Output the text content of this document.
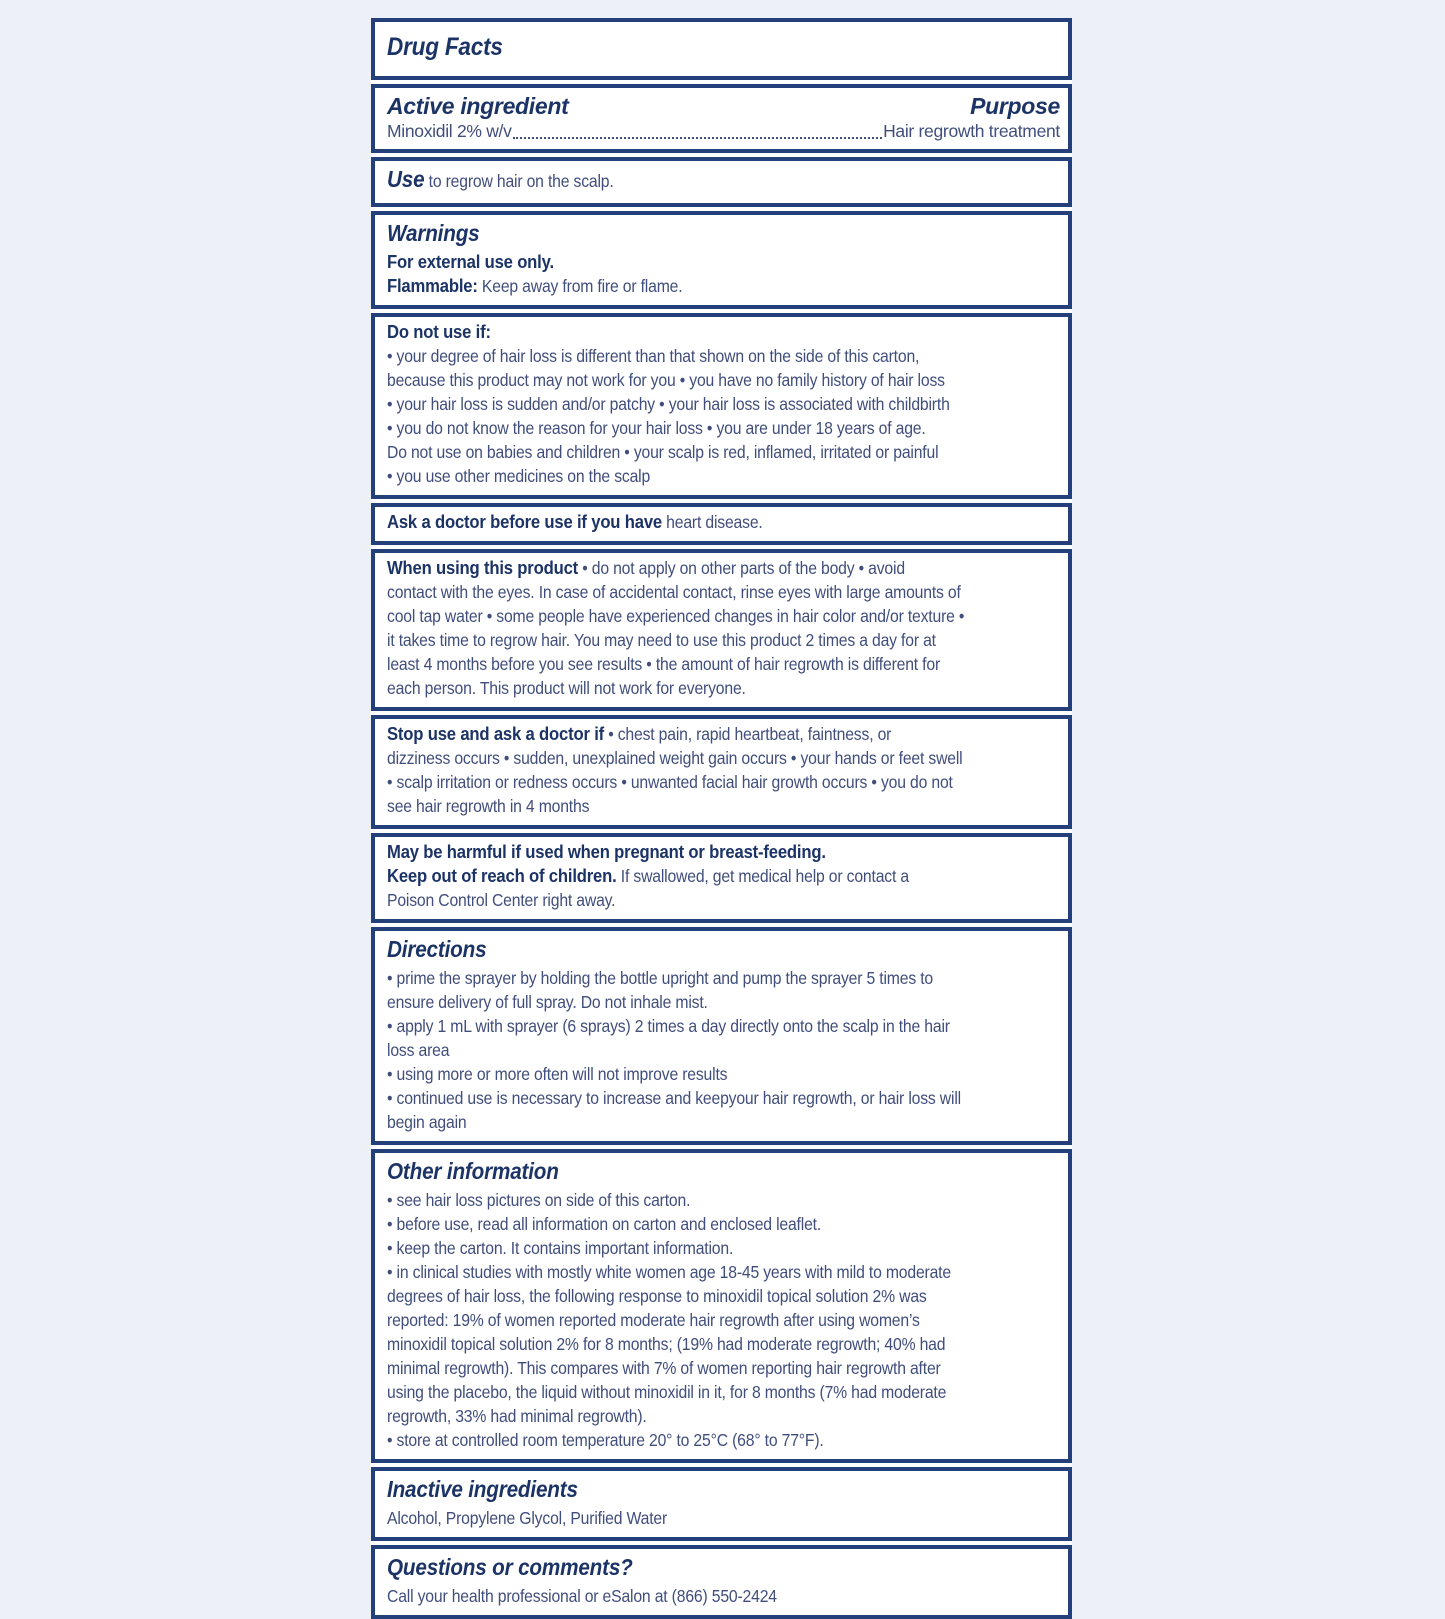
Drug Facts
Active ingredient	Purpose
Minoxidil 2% w/v	Hair regrowth treatment
Use to regrow hair on the scalp.
Warnings
For external use only.
Flammable: Keep away from fire or flame.
Do not use if:
• your degree of hair loss is different than that shown on the side of this carton,
because this product may not work for you • you have no family history of hair loss
• your hair loss is sudden and/or patchy • your hair loss is associated with childbirth
• you do not know the reason for your hair loss • you are under 18 years of age.
Do not use on babies and children • your scalp is red, inflamed, irritated or painful
• you use other medicines on the scalp
Ask a doctor before use if you have heart disease.
When using this product • do not apply on other parts of the body • avoid
contact with the eyes. In case of accidental contact, rinse eyes with large amounts of
cool tap water • some people have experienced changes in hair color and/or texture •
it takes time to regrow hair. You may need to use this product 2 times a day for at
least 4 months before you see results • the amount of hair regrowth is different for
each person. This product will not work for everyone.
Stop use and ask a doctor if • chest pain, rapid heartbeat, faintness, or
dizziness occurs • sudden, unexplained weight gain occurs • your hands or feet swell
• scalp irritation or redness occurs • unwanted facial hair growth occurs • you do not
see hair regrowth in 4 months
May be harmful if used when pregnant or breast-feeding.
Keep out of reach of children. If swallowed, get medical help or contact a
Poison Control Center right away.
Directions
• prime the sprayer by holding the bottle upright and pump the sprayer 5 times to
ensure delivery of full spray. Do not inhale mist.
• apply 1 mL with sprayer (6 sprays) 2 times a day directly onto the scalp in the hair
loss area
• using more or more often will not improve results
• continued use is necessary to increase and keepyour hair regrowth, or hair loss will
begin again
Other information
• see hair loss pictures on side of this carton.
• before use, read all information on carton and enclosed leaflet.
• keep the carton. It contains important information.
• in clinical studies with mostly white women age 18-45 years with mild to moderate
degrees of hair loss, the following response to minoxidil topical solution 2% was
reported: 19% of women reported moderate hair regrowth after using women’s
minoxidil topical solution 2% for 8 months; (19% had moderate regrowth; 40% had
minimal regrowth). This compares with 7% of women reporting hair regrowth after
using the placebo, the liquid without minoxidil in it, for 8 months (7% had moderate
regrowth, 33% had minimal regrowth).
• store at controlled room temperature 20° to 25°C (68° to 77°F).
Inactive ingredients
Alcohol, Propylene Glycol, Purified Water
Questions or comments?
Call your health professional or eSalon at (866) 550-2424
